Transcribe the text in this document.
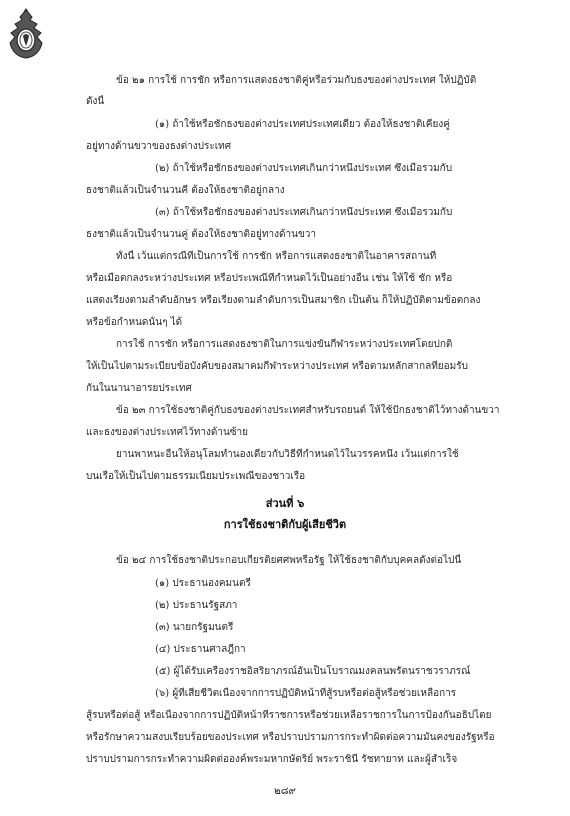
ข้อ ๒๑ การใช้ การชัก หรือการแสดงธงชาติคู่หรือร่วมกับธงของต่างประเทศ ให้ปฏิบัติ
ดังนี้
(๑) ถ้าใช้หรือชักธงของต่างประเทศประเทศเดียว ต้องให้ธงชาติเคียงคู่
อยู่ทางด้านขวาของธงต่างประเทศ
(๒) ถ้าใช้หรือชักธงของต่างประเทศเกินกว่าหนึ่งประเทศ ซึ่งเมื่อรวมกับ
ธงชาติแล้วเป็นจำนวนคี่ ต้องให้ธงชาติอยู่กลาง
(๓) ถ้าใช้หรือชักธงของต่างประเทศเกินกว่าหนึ่งประเทศ ซึ่งเมื่อรวมกับ
ธงชาติแล้วเป็นจำนวนคู่ ต้องให้ธงชาติอยู่ทางด้านขวา
ทั้งนี้ เว้นแต่กรณีที่เป็นการใช้ การชัก หรือการแสดงธงชาติในอาคารสถานที่
หรือเมื่อตกลงระหว่างประเทศ หรือประเพณีที่กำหนดไว้เป็นอย่างอื่น เช่น ให้ใช้ ชัก หรือ
แสดงเรียงตามลำดับอักษร หรือเรียงตามลำดับการเป็นสมาชิก เป็นต้น ก็ให้ปฏิบัติตามข้อตกลง
หรือข้อกำหนดนั้นๆ ได้
การใช้ การชัก หรือการแสดงธงชาติในการแข่งขันกีฬาระหว่างประเทศโดยปกติ
ให้เป็นไปตามระเบียบข้อบังคับของสมาคมกีฬาระหว่างประเทศ หรือตามหลักสากลที่ยอมรับ
กันในนานาอารยประเทศ
ข้อ ๒๓ การใช้ธงชาติคู่กับธงของต่างประเทศสำหรับรถยนต์ ให้ใช้ปักธงชาติไว้ทางด้านขวา
และธงของต่างประเทศไว้ทางด้านซ้าย
ยานพาหนะอื่นให้อนุโลมทำนองเดียวกับวิธีที่กำหนดไว้ในวรรคหนึ่ง เว้นแต่การใช้
บนเรือให้เป็นไปตามธรรมเนียมประเพณีของชาวเรือ
ส่วนที่ ๖
การใช้ธงชาติกับผู้เสียชีวิต
ข้อ ๒๔ การใช้ธงชาติประกอบเกียรติยศศพหรือรัฐ ให้ใช้ธงชาติกับบุคคลดังต่อไปนี้
(๑) ประธานองคมนตรี
(๒) ประธานรัฐสภา
(๓) นายกรัฐมนตรี
(๔) ประธานศาลฎีกา
(๕) ผู้ได้รับเครื่องราชอิสริยาภรณ์อันเป็นโบราณมงคลนพรัตนราชวราภรณ์
(๖) ผู้ที่เสียชีวิตเนื่องจากการปฏิบัติหน้าที่สู้รบหรือต่อสู้หรือช่วยเหลือการ
สู้รบหรือต่อสู้ หรือเนื่องจากการปฏิบัติหน้าที่ราชการหรือช่วยเหลือราชการในการป้องกันอธิปไตย
หรือรักษาความสงบเรียบร้อยของประเทศ หรือปราบปรามการกระทำผิดต่อความมั่นคงของรัฐหรือ
ปราบปรามการกระทำความผิดต่อองค์พระมหากษัตริย์ พระราชินี รัชทายาท และผู้สำเร็จ
๒๘๙
